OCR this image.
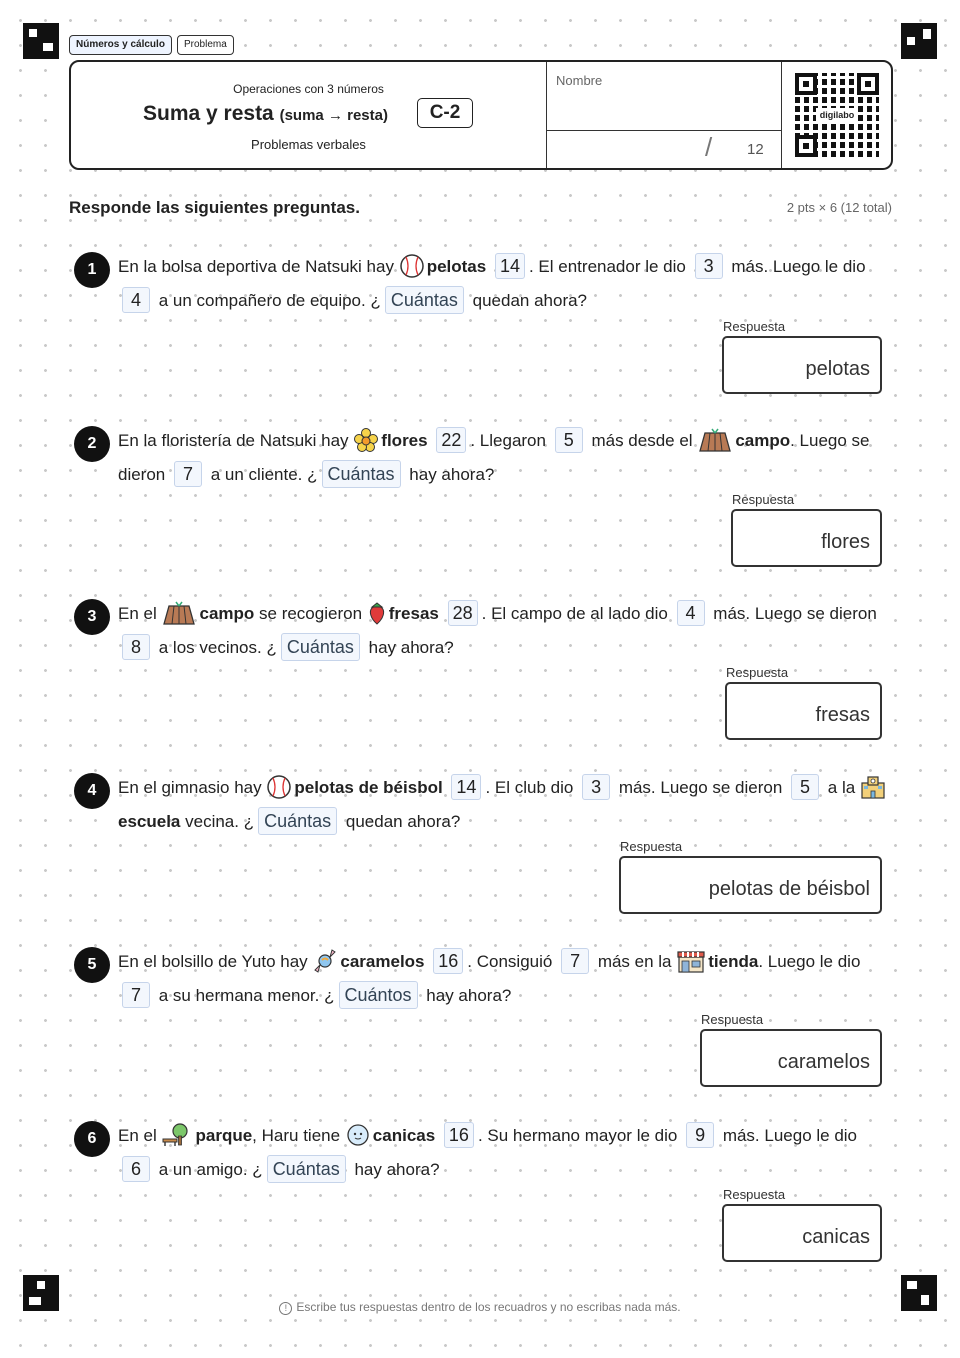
Números y cálculo	Problema
Operaciones con 3 números
Suma y resta (suma → resta)	C-2
Problemas verbales
Nombre
/ 12
digilabo
Responde las siguientes preguntas.	2 pts × 6 (12 total)
1	En la bolsa deportiva de Natsuki hay pelotas 14 . El entrenador le dio 3 más. Luego le dio 4 a un compañero de equipo. ¿ Cuántas quedan ahora?
Respuesta
pelotas
2	En la floristería de Natsuki hay flores 22 . Llegaron 5 más desde el	campo. Luego se dieron 7 a un cliente. ¿ Cuántas hay ahora?
Respuesta
flores
3	En el	campo se recogieron fresas 28 . El campo de al lado dio 4 más. Luego se dieron 8 a los vecinos. ¿ Cuántas hay ahora?
Respuesta
fresas
4	En el gimnasio hay pelotas de béisbol 14 . El club dio 3 más. Luego se dieron 5 a la escuela vecina. ¿ Cuántas quedan ahora?
Respuesta
pelotas de béisbol
5	En el bolsillo de Yuto hay caramelos 16 . Consiguió 7 más en la tienda. Luego le dio 7 a su hermana menor. ¿ Cuántos hay ahora?
Respuesta
caramelos
6	En el parque, Haru tiene canicas 16 . Su hermano mayor le dio 9 más. Luego le dio 6 a un amigo. ¿ Cuántas hay ahora?
Respuesta
canicas
! Escribe tus respuestas dentro de los recuadros y no escribas nada más.
